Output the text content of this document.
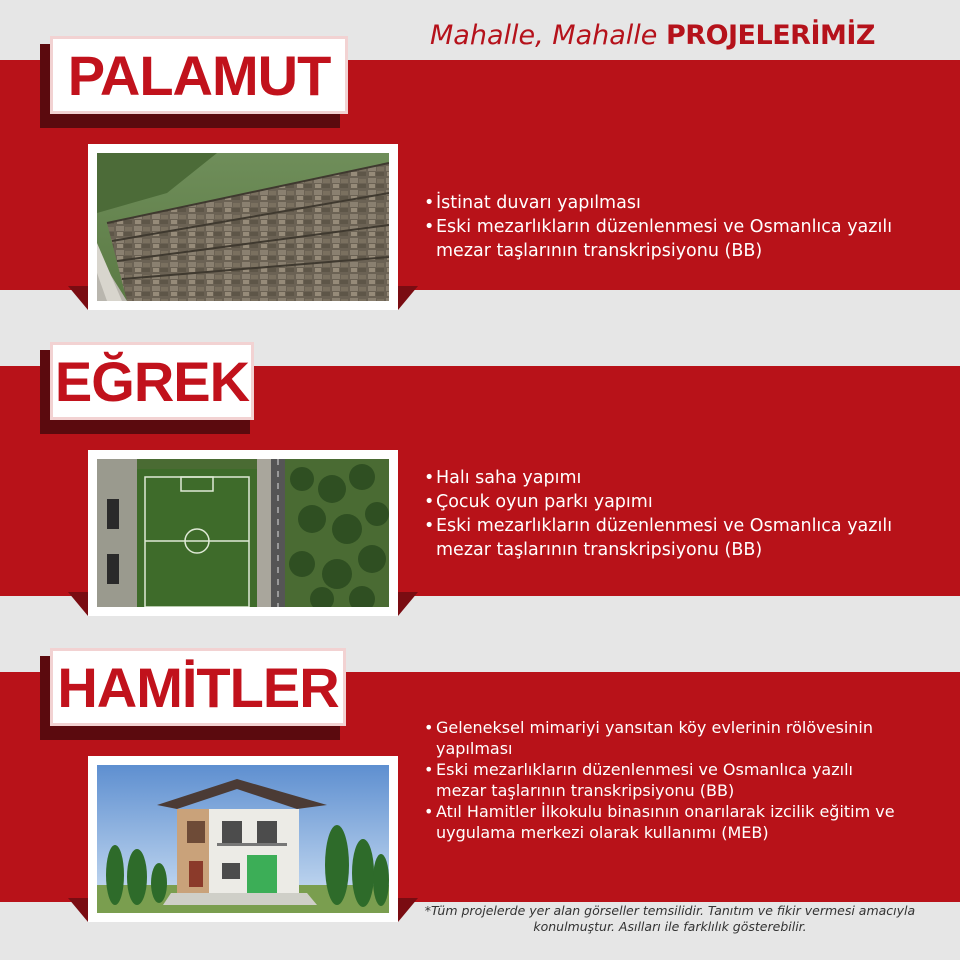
Mahalle, Mahalle PROJELERİMİZ
PALAMUT
• İstinat duvarı yapılması
• Eski mezarlıkların düzenlenmesi ve Osmanlıca yazılı mezar taşlarının transkripsiyonu (BB)
EĞREK
• Halı saha yapımı
• Çocuk oyun parkı yapımı
• Eski mezarlıkların düzenlenmesi ve Osmanlıca yazılı mezar taşlarının transkripsiyonu (BB)
HAMİTLER
• Geleneksel mimariyi yansıtan köy evlerinin rölövesinin yapılması
• Eski mezarlıkların düzenlenmesi ve Osmanlıca yazılı mezar taşlarının transkripsiyonu (BB)
• Atıl Hamitler İlkokulu binasının onarılarak izcilik eğitim ve uygulama merkezi olarak kullanımı (MEB)
*Tüm projelerde yer alan görseller temsilidir. Tanıtım ve fikir vermesi amacıyla konulmuştur. Asılları ile farklılık gösterebilir.
